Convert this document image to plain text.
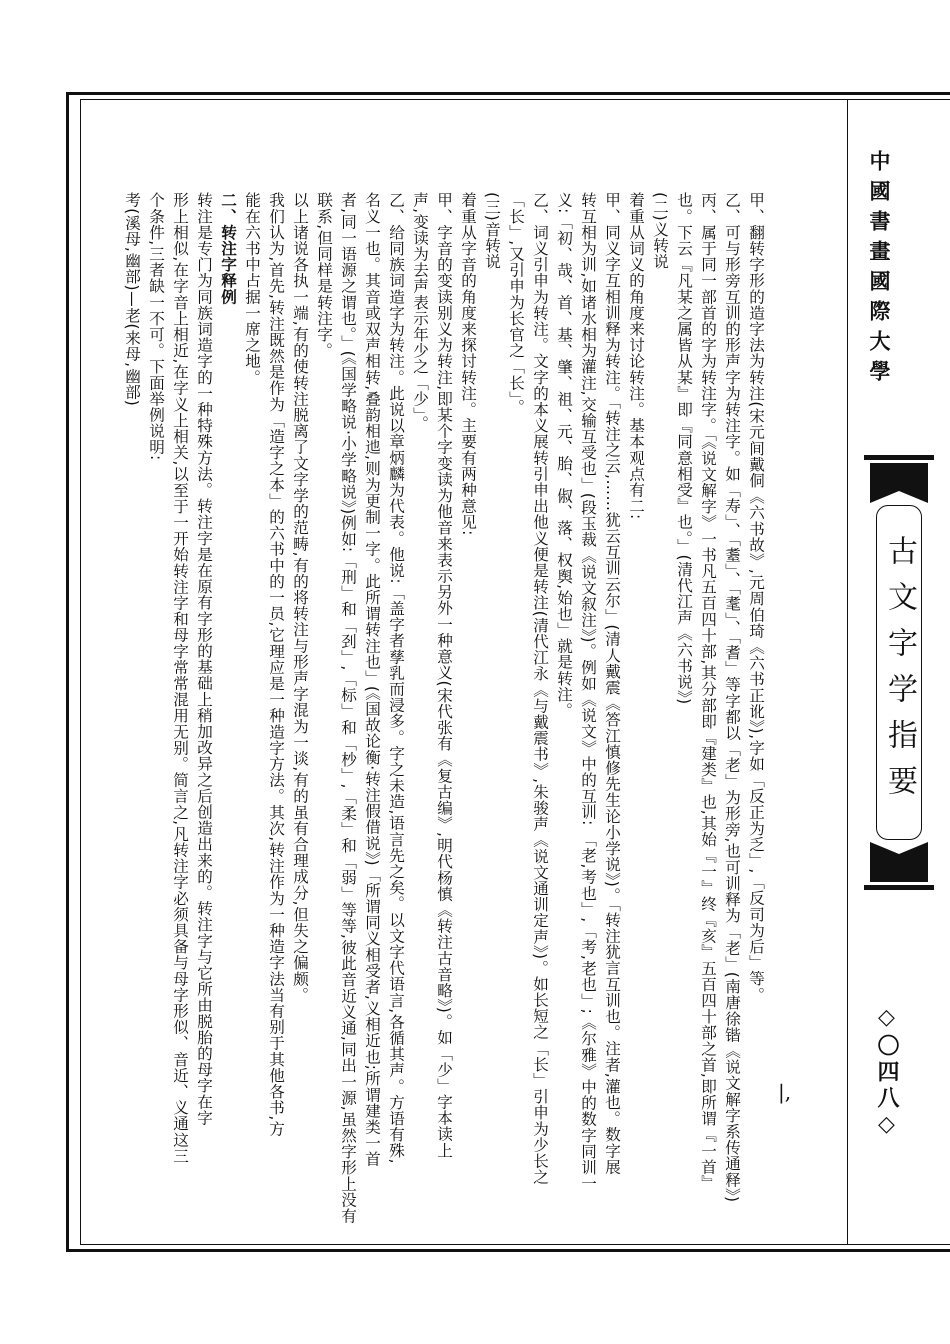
中國書畫國際大學
古文字学指要
◇〇四八◇
|,

甲、翻转字形的造字法为转注(宋元间戴侗《六书故》,元周伯琦《六书正讹》),字如「反正为乏」,「反司为后」等。

乙、可与形旁互训的形声字为转注字。如「寿」、「耋」、「耄」、「耆」等字都以「老」为形旁,也可训释为「老」(南唐徐锴《说文解字系传通释》)

丙、属于同一部首的字为转注字。「《说文解字》一书凡五百四十部,其分部即『建类』也,其始『一』终『亥』五百四十部之首,即所谓『一首』

也。下云『凡某之属皆从某』即『同意相受』也。」(清代江声《六书说》)

(二)义转说

着重从词义的角度来讨论转注。基本观点有二:

甲、同义字互相训释为转注。「转注之云,……犹云互训云尔」(清人戴震《答江慎修先生论小学说》)。「转注犹言互训也。注者,灌也。数字展

转互相为训,如诸水相为灌注,交输互受也」(段玉裁《说文叙注》)。例如《说文》中的互训: 「老,考也」,「考,老也」;《尔雅》中的数字同训一

义:「初、哉、首、基、肇、祖、元、胎、俶、落、权舆,始也」就是转注。

乙、词义引申为转注。文字的本义展转引申出他义便是转注(清代江永《与戴震书》,朱骏声《说文通训定声》)。如长短之「长」引申为少长之

「长」,又引申为长官之「长」。

(三)音转说

着重从字音的角度来探讨转注。主要有两种意见:

甲、字音的变读别义为转注,即某个字变读为他音来表示另外一种意义(宋代张有《复古编》,明代杨慎《转注古音略》)。如「少」字本读上

声,变读为去声表示年少之「少」。

乙、给同族词造字为转注。此说以章炳麟为代表。他说:「盖字者孳乳而浸多。字之未造,语言先之矣。以文字代语言,各循其声。方语有殊,

名义一也。其音或双声相转,叠韵相迆,则为更制一字。此所谓转注也」(《国故论衡·转注假借说》)「所谓同义相受者,义相近也;所谓建类一首

者,同一语源之谓也。」(《国学略说·小学略说》)例如:「刑」和「刭」,「标」和「杪」,「柔」和「弱」等等,彼此音近义通,同出一源,虽然字形上没有

联系,但同样是转注字。

以上诸说各执一端,有的使转注脱离了文字学的范畴,有的将转注与形声字混为一谈,有的虽有合理成分,但失之偏颇。

我们认为,首先,转注既然是作为「造字之本」的六书中的一员,它理应是一种造字方法。其次,转注作为一种造字法当有别于其他各书,方

能在六书中占据一席之地。

二、转注字释例

转注是专门为同族词造字的一种特殊方法。转注字是在原有字形的基础上稍加改异之后创造出来的。转注字与它所由脱胎的母字在字

形上相似,在字音上相近,在字义上相关,以至于一开始转注字和母字常常混用无别。简言之,凡转注字必须具备与母字形似、音近、义通这三

个条件,三者缺一不可。下面举例说明:

考(溪母,幽部)—老(来母,幽部)
